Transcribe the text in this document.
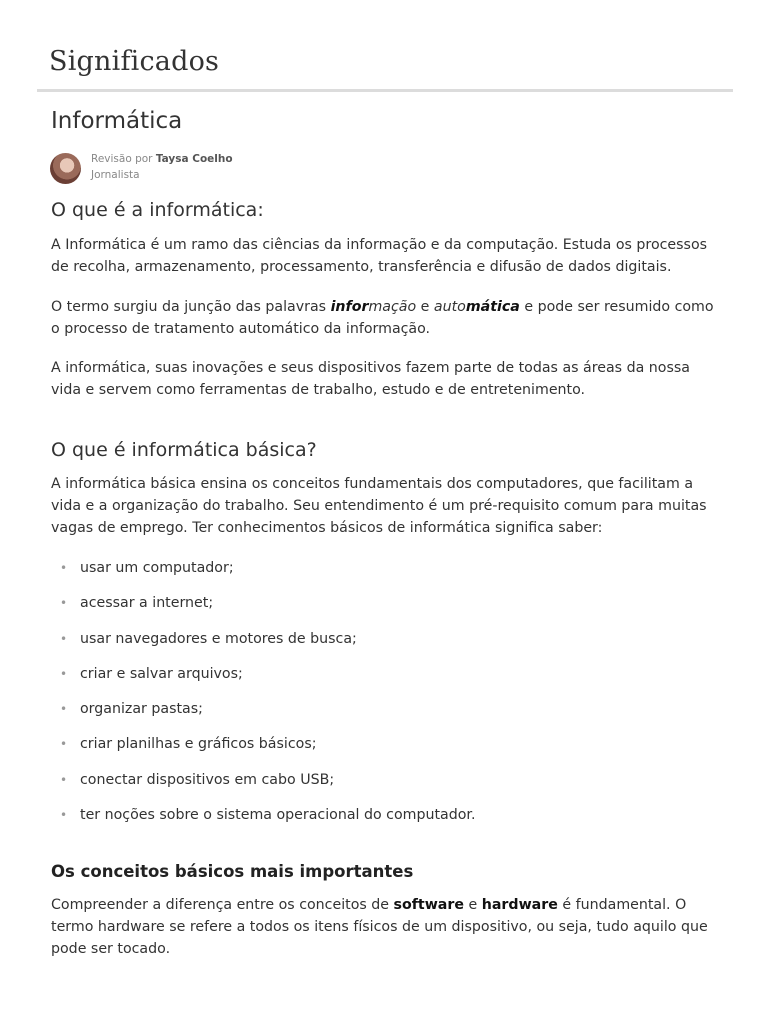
Significados
Informática
Revisão por Taysa Coelho
Jornalista
O que é a informática:

A Informática é um ramo das ciências da informação e da computação. Estuda os processos de recolha, armazenamento, processamento, transferência e difusão de dados digitais.

O termo surgiu da junção das palavras informação e automática e pode ser resumido como o processo de tratamento automático da informação.

A informática, suas inovações e seus dispositivos fazem parte de todas as áreas da nossa vida e servem como ferramentas de trabalho, estudo e de entretenimento.

O que é informática básica?

A informática básica ensina os conceitos fundamentais dos computadores, que facilitam a vida e a organização do trabalho. Seu entendimento é um pré-requisito comum para muitas vagas de emprego. Ter conhecimentos básicos de informática significa saber:

• usar um computador;
• acessar a internet;
• usar navegadores e motores de busca;
• criar e salvar arquivos;
• organizar pastas;
• criar planilhas e gráficos básicos;
• conectar dispositivos em cabo USB;
• ter noções sobre o sistema operacional do computador.
Os conceitos básicos mais importantes

Compreender a diferença entre os conceitos de software e hardware é fundamental. O termo hardware se refere a todos os itens físicos de um dispositivo, ou seja, tudo aquilo que pode ser tocado.
